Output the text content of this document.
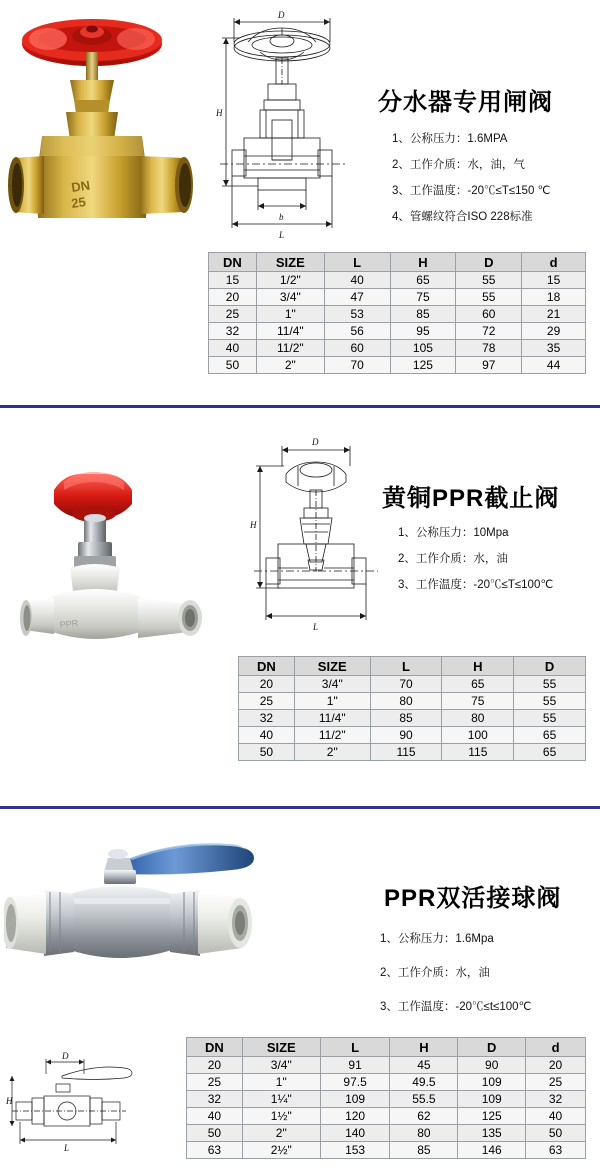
DN
25
D
H
b
L
分水器专用闸阀
1、公称压力：1.6MPA
2、工作介质：水，油，气
3、工作温度：-20℃≤T≤150 ℃
4、管螺纹符合ISO 228标准
DN	SIZE	L	H	D	d
15	1/2"	40	65	55	15
20	3/4"	47	75	55	18
25	1"	53	85	60	21
32	11/4"	56	95	72	29
40	11/2"	60	105	78	35
50	2"	70	125	97	44
PPR
D
H
L
黄铜PPR截止阀
1、公称压力：10Mpa
2、工作介质：水，油
3、工作温度：-20℃≤T≤100℃
DN	SIZE	L	H	D
20	3/4"	70	65	55
25	1"	80	75	55
32	11/4"	85	80	55
40	11/2"	90	100	65
50	2"	115	115	65
D
H
L
PPR双活接球阀
1、公称压力：1.6Mpa
2、工作介质：水，油
3、工作温度：-20℃≤t≤100℃
DN	SIZE	L	H	D	d
20	3/4"	91	45	90	20
25	1"	97.5	49.5	109	25
32	1¼"	109	55.5	109	32
40	1½"	120	62	125	40
50	2"	140	80	135	50
63	2½"	153	85	146	63
